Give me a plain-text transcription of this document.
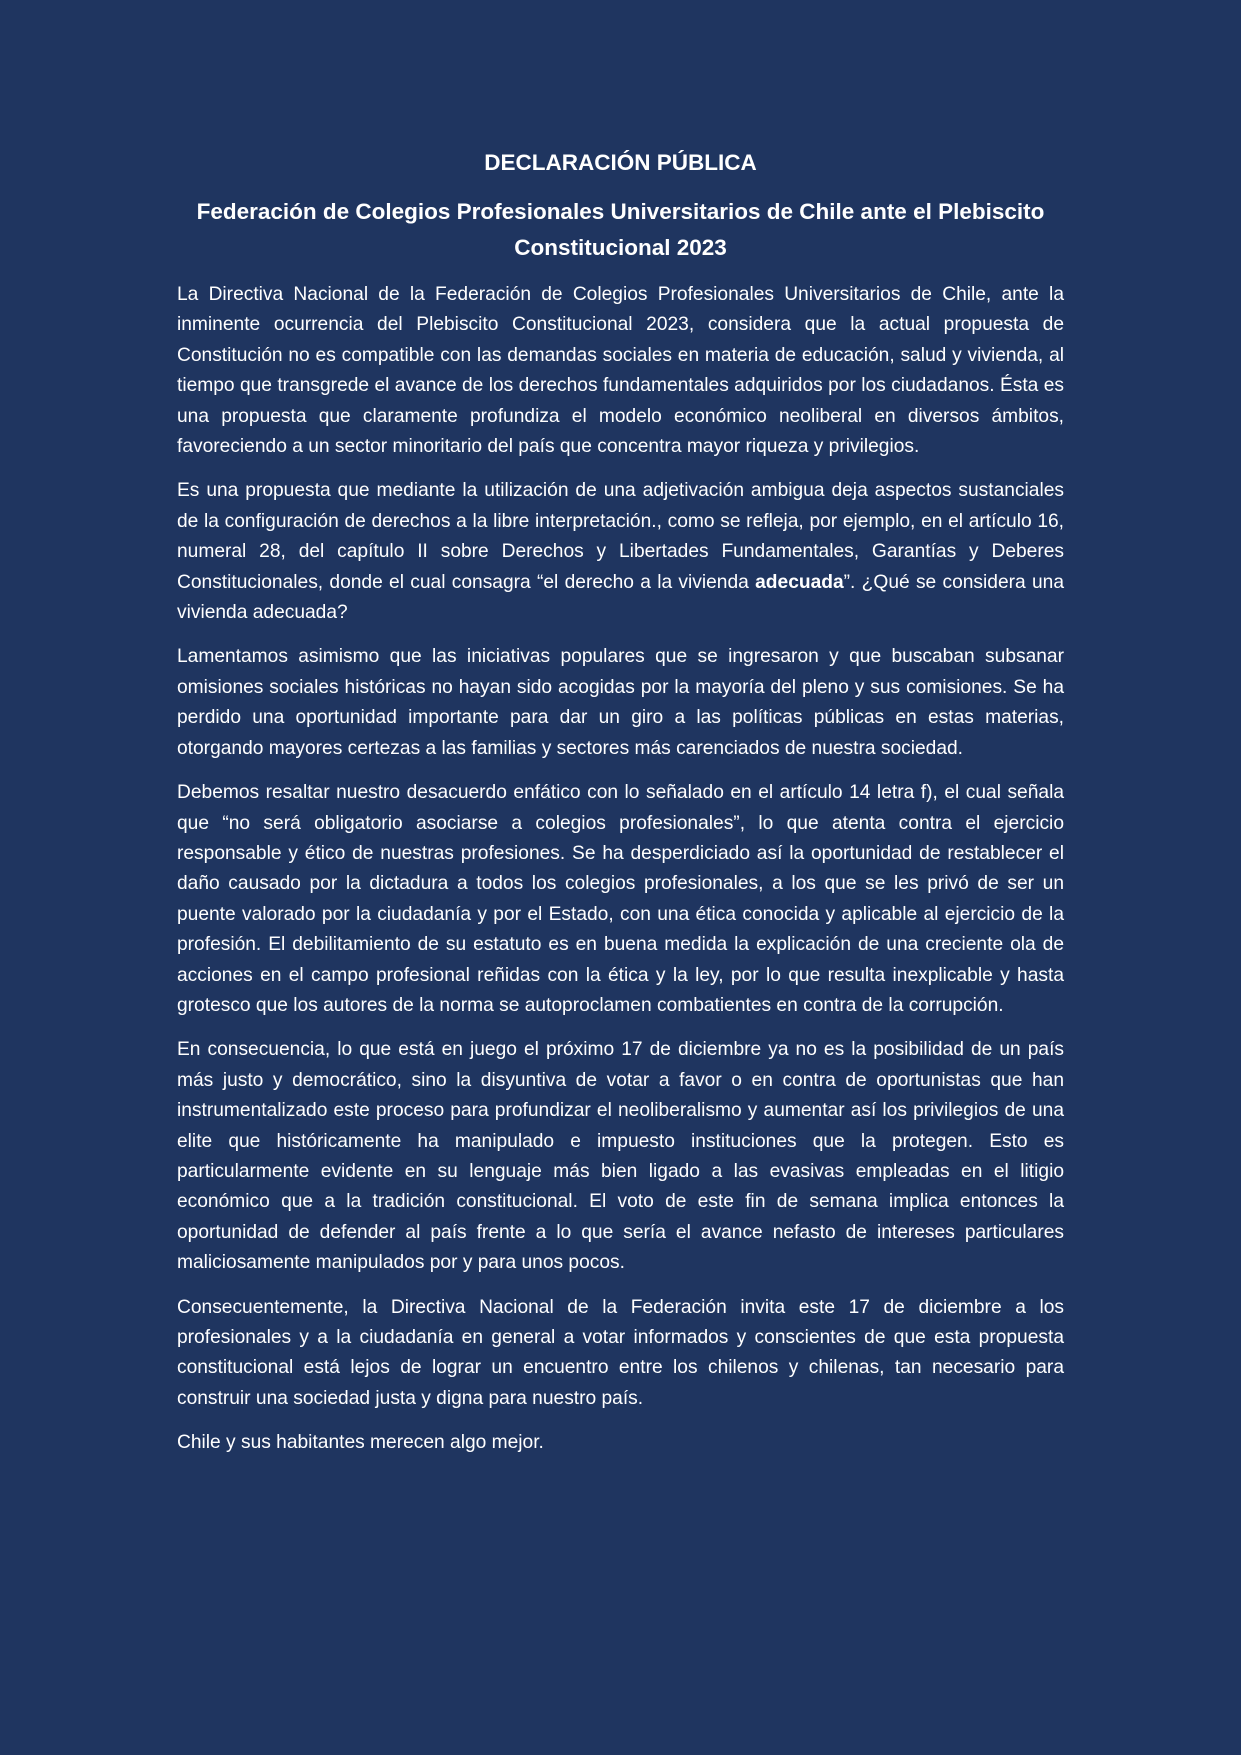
DECLARACIÓN PÚBLICA
Federación de Colegios Profesionales Universitarios de Chile ante el Plebiscito Constitucional 2023

La Directiva Nacional de la Federación de Colegios Profesionales Universitarios de Chile, ante la inminente ocurrencia del Plebiscito Constitucional 2023, considera que la actual propuesta de Constitución no es compatible con las demandas sociales en materia de educación, salud y vivienda, al tiempo que transgrede el avance de los derechos fundamentales adquiridos por los ciudadanos. Ésta es una propuesta que claramente profundiza el modelo económico neoliberal en diversos ámbitos, favoreciendo a un sector minoritario del país que concentra mayor riqueza y privilegios.

Es una propuesta que mediante la utilización de una adjetivación ambigua deja aspectos sustanciales de la configuración de derechos a la libre interpretación., como se refleja, por ejemplo, en el artículo 16, numeral 28, del capítulo II sobre Derechos y Libertades Fundamentales, Garantías y Deberes Constitucionales, donde el cual consagra “el derecho a la vivienda adecuada”. ¿Qué se considera una vivienda adecuada?

Lamentamos asimismo que las iniciativas populares que se ingresaron y que buscaban subsanar omisiones sociales históricas no hayan sido acogidas por la mayoría del pleno y sus comisiones. Se ha perdido una oportunidad importante para dar un giro a las políticas públicas en estas materias, otorgando mayores certezas a las familias y sectores más carenciados de nuestra sociedad.

Debemos resaltar nuestro desacuerdo enfático con lo señalado en el artículo 14 letra f), el cual señala que “no será obligatorio asociarse a colegios profesionales”, lo que atenta contra el ejercicio responsable y ético de nuestras profesiones. Se ha desperdiciado así la oportunidad de restablecer el daño causado por la dictadura a todos los colegios profesionales, a los que se les privó de ser un puente valorado por la ciudadanía y por el Estado, con una ética conocida y aplicable al ejercicio de la profesión. El debilitamiento de su estatuto es en buena medida la explicación de una creciente ola de acciones en el campo profesional reñidas con la ética y la ley, por lo que resulta inexplicable y hasta grotesco que los autores de la norma se autoproclamen combatientes en contra de la corrupción.

En consecuencia, lo que está en juego el próximo 17 de diciembre ya no es la posibilidad de un país más justo y democrático, sino la disyuntiva de votar a favor o en contra de oportunistas que han instrumentalizado este proceso para profundizar el neoliberalismo y aumentar así los privilegios de una elite que históricamente ha manipulado e impuesto instituciones que la protegen. Esto es particularmente evidente en su lenguaje más bien ligado a las evasivas empleadas en el litigio económico que a la tradición constitucional. El voto de este fin de semana implica entonces la oportunidad de defender al país frente a lo que sería el avance nefasto de intereses particulares maliciosamente manipulados por y para unos pocos.

Consecuentemente, la Directiva Nacional de la Federación invita este 17 de diciembre a los profesionales y a la ciudadanía en general a votar informados y conscientes de que esta propuesta constitucional está lejos de lograr un encuentro entre los chilenos y chilenas, tan necesario para construir una sociedad justa y digna para nuestro país.

Chile y sus habitantes merecen algo mejor.
